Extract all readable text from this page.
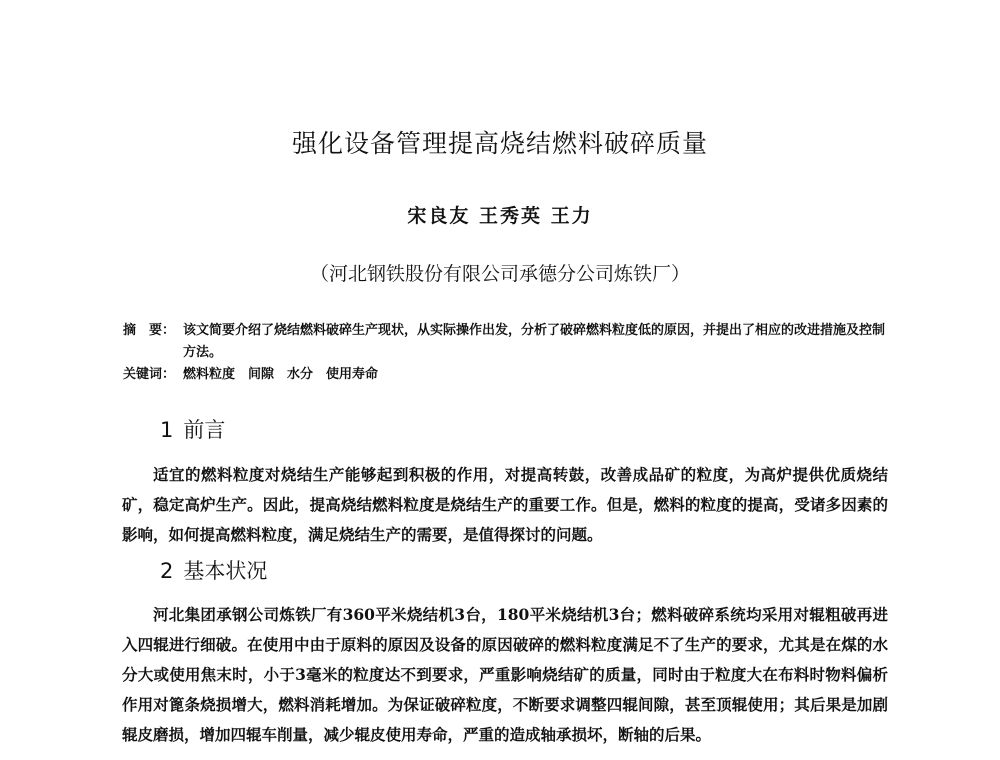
强化设备管理提高烧结燃料破碎质量
宋良友 王秀英 王力
（河北钢铁股份有限公司承德分公司炼铁厂）
摘　要： 该文简要介绍了烧结燃料破碎生产现状，从实际操作出发，分析了破碎燃料粒度低的原因，并提出了相应的改进措施及控制方法。
关键词： 燃料粒度　间隙　水分　使用寿命
1 前言
适宜的燃料粒度对烧结生产能够起到积极的作用，对提高转鼓，改善成品矿的粒度，为高炉提供优质烧结矿，稳定高炉生产。因此，提高烧结燃料粒度是烧结生产的重要工作。但是，燃料的粒度的提高，受诸多因素的影响，如何提高燃料粒度，满足烧结生产的需要，是值得探讨的问题。
2 基本状况
河北集团承钢公司炼铁厂有360平米烧结机3台，180平米烧结机3台；燃料破碎系统均采用对辊粗破再进入四辊进行细破。在使用中由于原料的原因及设备的原因破碎的燃料粒度满足不了生产的要求，尤其是在煤的水分大或使用焦末时，小于3毫米的粒度达不到要求，严重影响烧结矿的质量，同时由于粒度大在布料时物料偏析作用对篦条烧损增大，燃料消耗增加。为保证破碎粒度，不断要求调整四辊间隙，甚至顶辊使用；其后果是加剧辊皮磨损，增加四辊车削量，减少辊皮使用寿命，严重的造成轴承损坏，断轴的后果。
